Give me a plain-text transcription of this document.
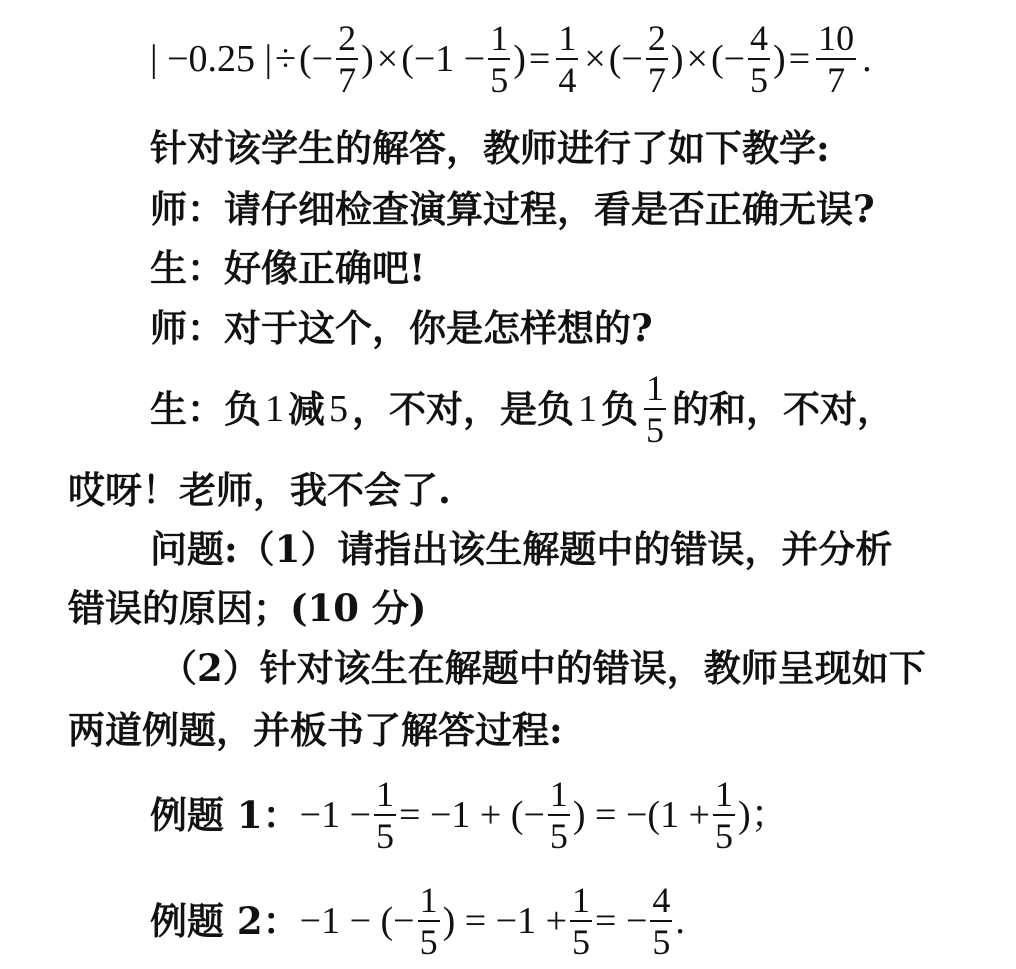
| −0.25 | ÷ (− $\frac{2}{7}$ ) × ($-1 - \frac{1}{5}$ ) = $\frac{1}{4}$ × (− $\frac{2}{7}$ ) × (− $\frac{4}{5}$ ) = $\frac{10}{7}$ .
针对该学生的解答，教师进行了如下教学:
师：请仔细检查演算过程，看是否正确无误?
生：好像正确吧!
师：对于这个，你是怎样想的?
生：负 1 减 5 ，不对，是负 1 负 $\frac{1}{5}$ 的和，不对，
哎呀！老师，我不会了.
问题:（1）请指出该生解题中的错误，并分析
错误的原因；(10 分)
（2）针对该生在解题中的错误，教师呈现如下
两道例题，并板书了解答过程:
例题 1： $-1 - \frac{1}{5} = -1$ + (− $\frac{1}{5}$ ) = $-(1 + \frac{1}{5}$ )；
例题 2： −1 − (− $\frac{1}{5}$ ) = $-1 + \frac{1}{5}$ = − $\frac{4}{5}$ .
